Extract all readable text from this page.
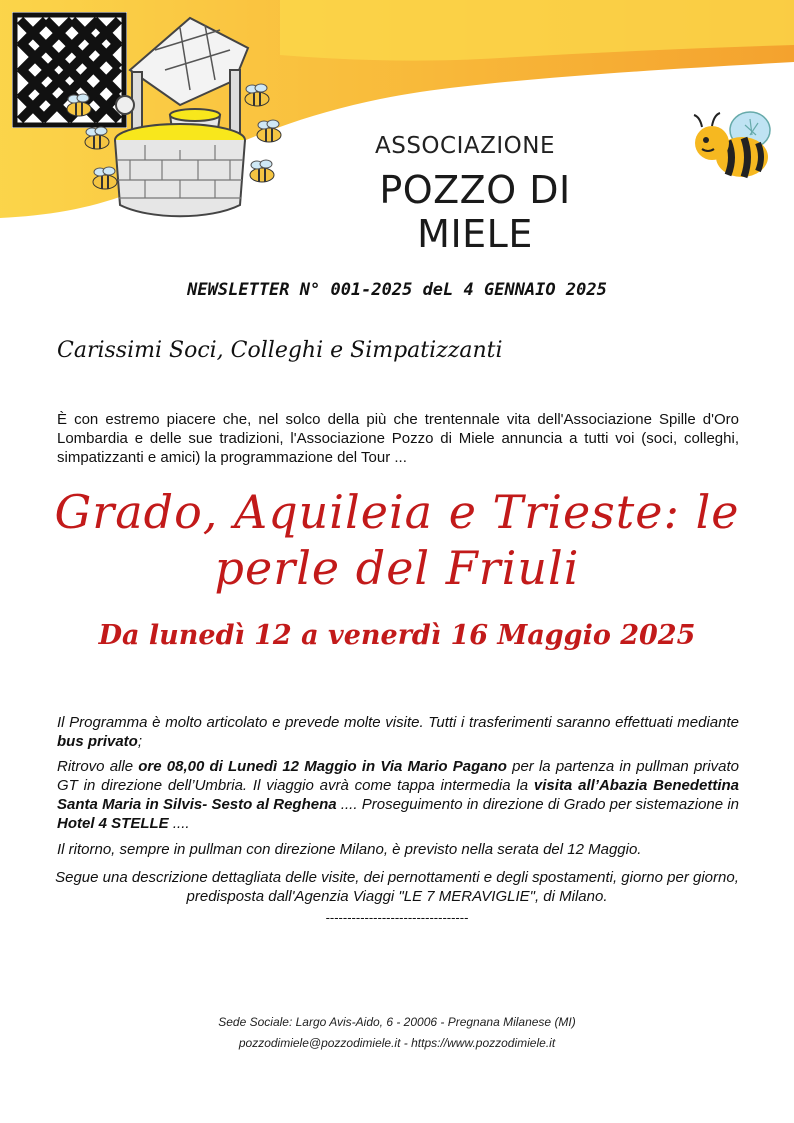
ASSOCIAZIONE
POZZO DI MIELE
NEWSLETTER N° 001-2025 deL 4 GENNAIO 2025
Carissimi Soci, Colleghi e Simpatizzanti
È con estremo piacere che, nel solco della più che trentennale vita dell'Associazione Spille d'Oro Lombardia e delle sue tradizioni, l'Associazione Pozzo di Miele annuncia a tutti voi (soci, colleghi, simpatizzanti e amici) la programmazione del Tour ...
Grado, Aquileia e Trieste: le perle del Friuli
Da lunedì 12 a venerdì 16 Maggio 2025
Il Programma è molto articolato e prevede molte visite. Tutti i trasferimenti saranno effettuati mediante bus privato;
Ritrovo alle ore 08,00 di Lunedì 12 Maggio in Via Mario Pagano per la partenza in pullman privato GT in direzione dell’Umbria. Il viaggio avrà come tappa intermedia la visita all’Abazia Benedettina Santa Maria in Silvis- Sesto al Reghena .... Proseguimento in direzione di Grado per sistemazione in Hotel 4 STELLE ....
Il ritorno, sempre in pullman con direzione Milano, è previsto nella serata del 12 Maggio.
Segue una descrizione dettagliata delle visite, dei pernottamenti e degli spostamenti, giorno per giorno, predisposta dall'Agenzia Viaggi "LE 7 MERAVIGLIE", di Milano.
---------------------------------
Sede Sociale: Largo Avis-Aido, 6 - 20006 - Pregnana Milanese (MI)
pozzodimiele@pozzodimiele.it - https://www.pozzodimiele.it
